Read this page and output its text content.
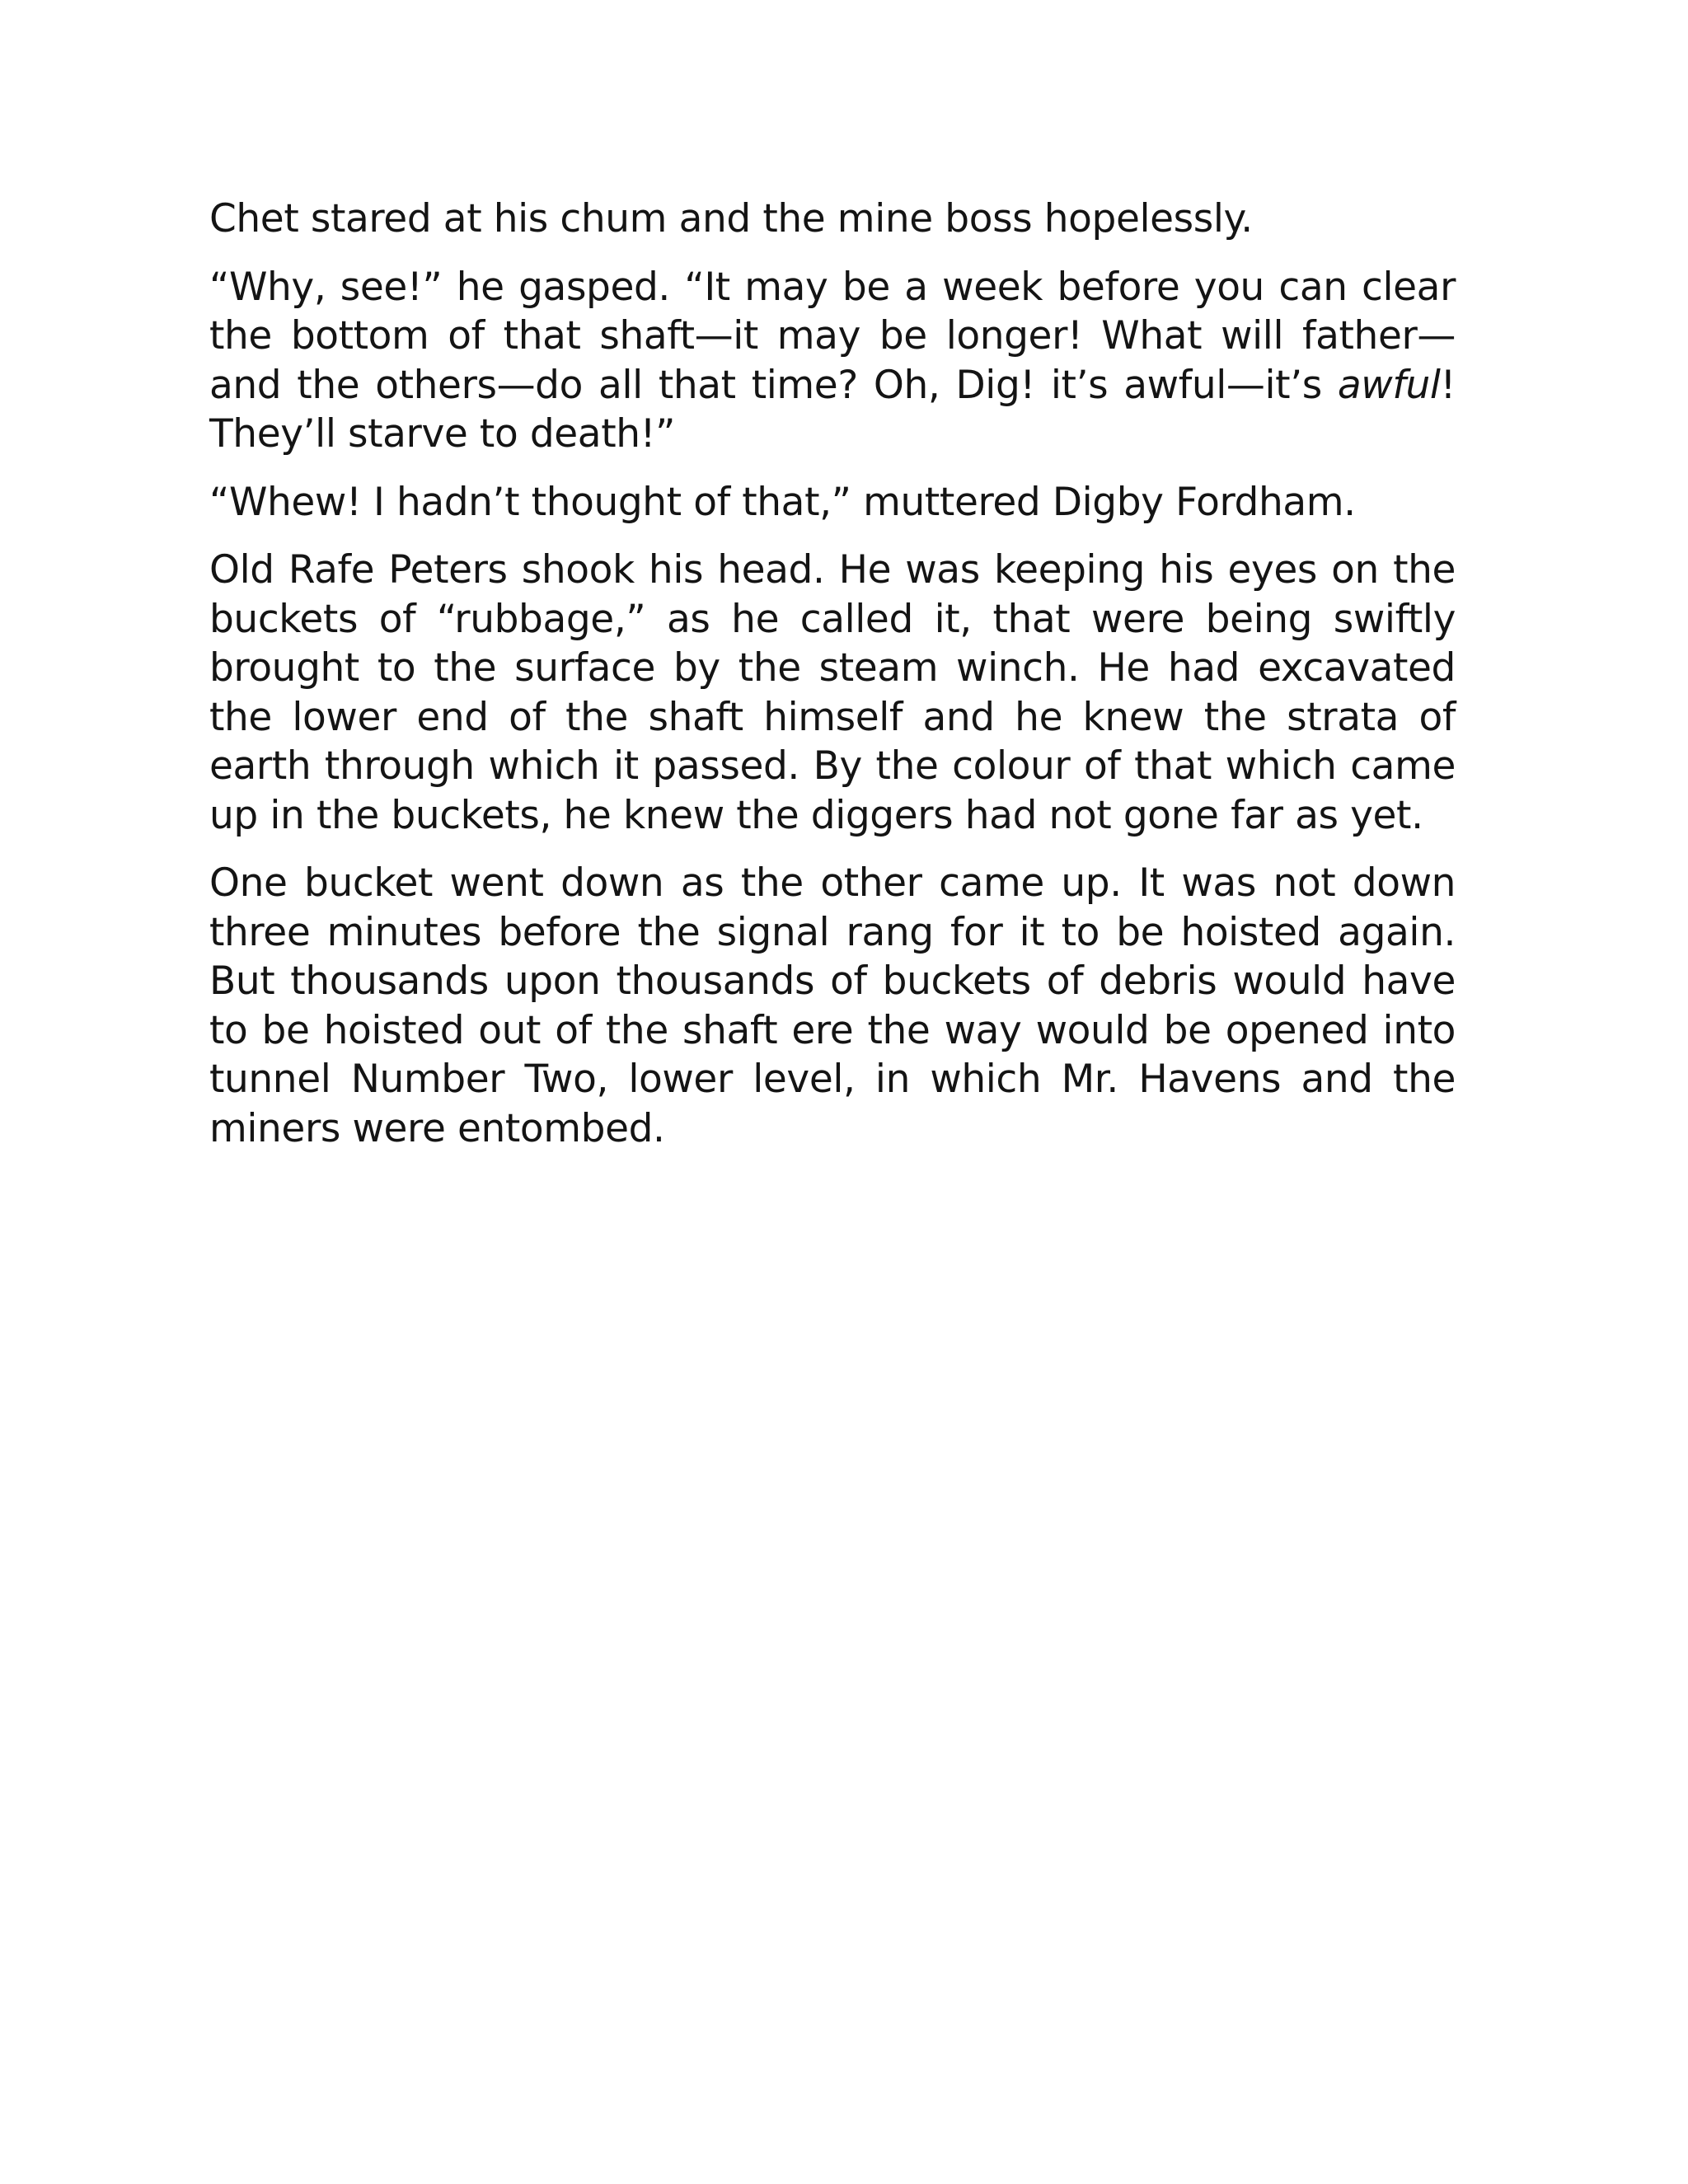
Chet stared at his chum and the mine boss hopelessly.

“Why, see!” he gasped. “It may be a week before you can clear the bottom of that shaft—it may be longer! What will father—and the others—do all that time? Oh, Dig! it’s awful—it’s awful! They’ll starve to death!”

“Whew! I hadn’t thought of that,” muttered Digby Fordham.

Old Rafe Peters shook his head. He was keeping his eyes on the buckets of “rubbage,” as he called it, that were being swiftly brought to the surface by the steam winch. He had excavated the lower end of the shaft himself and he knew the strata of earth through which it passed. By the colour of that which came up in the buckets, he knew the diggers had not gone far as yet.

One bucket went down as the other came up. It was not down three minutes before the signal rang for it to be hoisted again. But thousands upon thousands of buckets of debris would have to be hoisted out of the shaft ere the way would be opened into tunnel Number Two, lower level, in which Mr. Havens and the miners were entombed.
